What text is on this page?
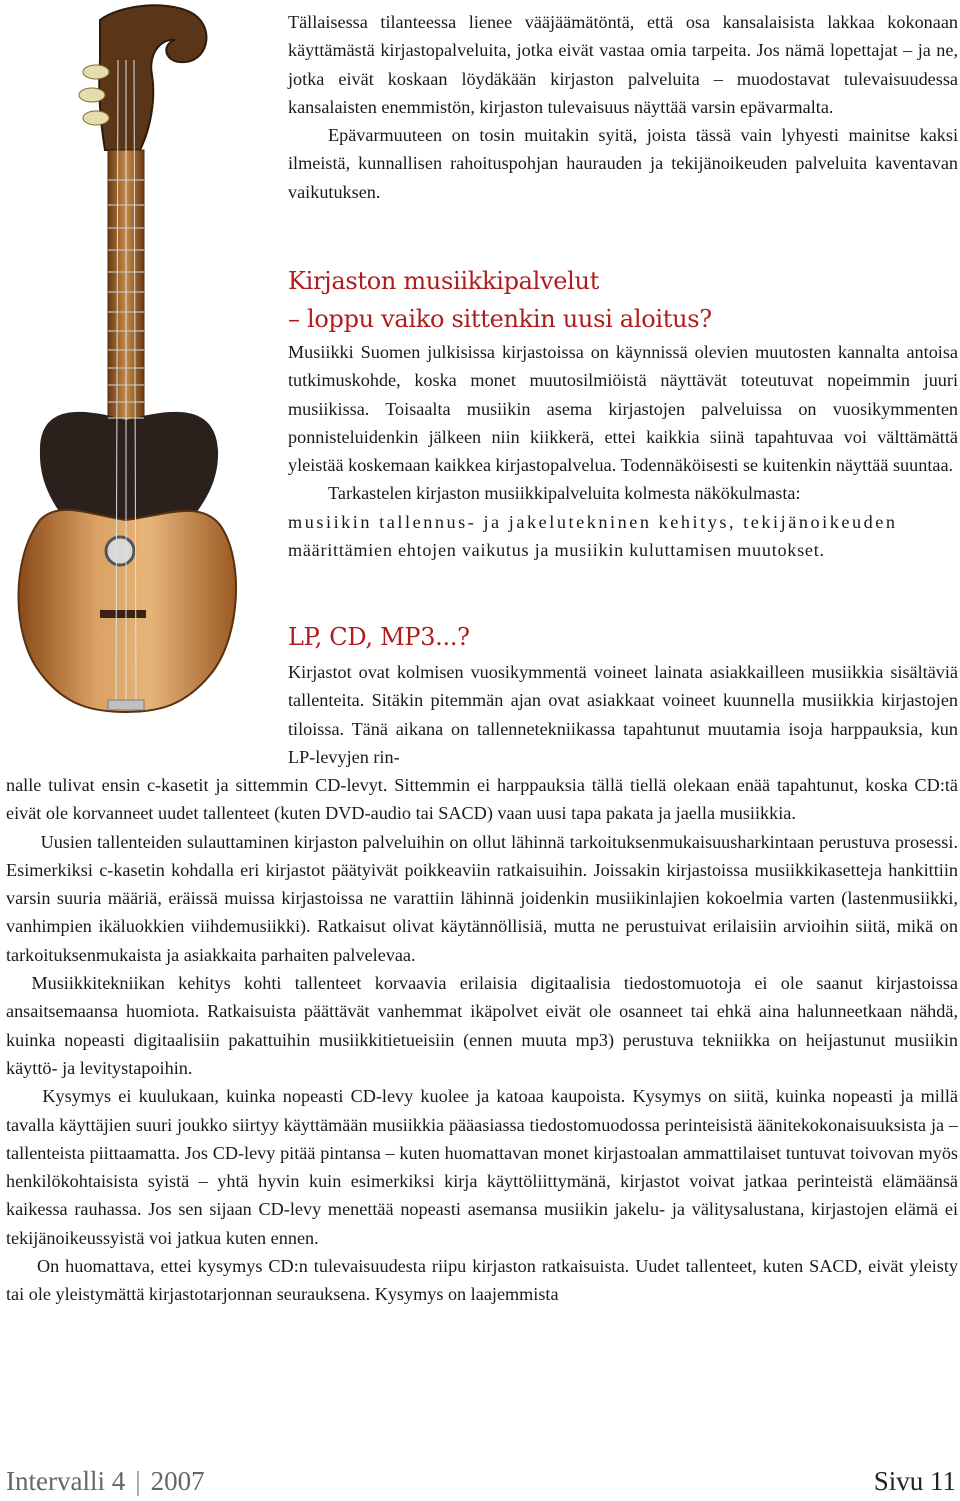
Tällaisessa tilanteessa lienee vääjäämätöntä, että osa kansalaisista lakkaa kokonaan käyttämästä kirjastopalveluita, jotka eivät vastaa omia tarpeita. Jos nämä lopettajat – ja ne, jotka eivät koskaan löydäkään kirjaston palveluita – muodostavat tulevaisuudessa kansalaisten enemmistön, kirjaston tulevaisuus näyttää varsin epävarmalta.

Epävarmuuteen on tosin muitakin syitä, joista tässä vain lyhyesti mainitse kaksi ilmeistä, kunnallisen rahoituspohjan haurauden ja tekijänoikeuden palveluita kaventavan vaikutuksen.

Kirjaston musiikkipalvelut
– loppu vaiko sittenkin uusi aloitus?

Musiikki Suomen julkisissa kirjastoissa on käynnissä olevien muutosten kannalta antoisa tutkimuskohde, koska monet muutosilmiöistä näyttävät toteutuvat nopeimmin juuri musiikissa. Toisaalta musiikin asema kirjastojen palveluissa on vuosikymmenten ponnisteluidenkin jälkeen niin kiikkerä, ettei kaikkia siinä tapahtuvaa voi välttämättä yleistää koskemaan kaikkea kirjastopalvelua. Todennäköisesti se kuitenkin näyttää suuntaa.

Tarkastelen kirjaston musiikkipalveluita kolmesta näkökulmasta:
musiikin tallennus- ja jakelutekninen kehitys, tekijänoikeuden
määrittämien ehtojen vaikutus ja musiikin kuluttamisen muutokset.

LP, CD, MP3...?

Kirjastot ovat kolmisen vuosikymmentä voineet lainata asiakkailleen musiikkia sisältäviä tallenteita. Sitäkin pitemmän ajan ovat asiakkaat voineet kuunnella musiikkia kirjastojen tiloissa. Tänä aikana on tallennetekniikassa tapahtunut muutamia isoja harppauksia, kun LP-levyjen rin-

nalle tulivat ensin c-kasetit ja sittemmin CD-levyt. Sittemmin ei harppauksia tällä tiellä olekaan enää tapahtunut, koska CD:tä eivät ole korvanneet uudet tallenteet (kuten DVD-audio tai SACD) vaan uusi tapa pakata ja jaella musiikkia.

Uusien tallenteiden sulauttaminen kirjaston palveluihin on ollut lähinnä tarkoituksenmukaisuusharkintaan perustuva prosessi. Esimerkiksi c-kasetin kohdalla eri kirjastot päätyivät poikkeaviin ratkaisuihin. Joissakin kirjastoissa musiikkikasetteja hankittiin varsin suuria määriä, eräissä muissa kirjastoissa ne varattiin lähinnä joidenkin musiikinlajien kokoelmia varten (lastenmusiikki, vanhimpien ikäluokkien viihdemusiikki). Ratkaisut olivat käytännöllisiä, mutta ne perustuivat erilaisiin arvioihin siitä, mikä on tarkoituksenmukaista ja asiakkaita parhaiten palvelevaa.

Musiikkitekniikan kehitys kohti tallenteet korvaavia erilaisia digitaalisia tiedostomuotoja ei ole saanut kirjastoissa ansaitsemaansa huomiota. Ratkaisuista päättävät vanhemmat ikäpolvet eivät ole osanneet tai ehkä aina halunneetkaan nähdä, kuinka nopeasti digitaalisiin pakattuihin musiikkitietueisiin (ennen muuta mp3) perustuva tekniikka on heijastunut musiikin käyttö- ja levitystapoihin.

Kysymys ei kuulukaan, kuinka nopeasti CD-levy kuolee ja katoaa kaupoista. Kysymys on siitä, kuinka nopeasti ja millä tavalla käyttäjien suuri joukko siirtyy käyttämään musiikkia pääasiassa tiedostomuodossa perinteisistä äänitekokonaisuuksista ja –tallenteista piittaamatta. Jos CD-levy pitää pintansa – kuten huomattavan monet kirjastoalan ammattilaiset tuntuvat toivovan myös henkilökohtaisista syistä – yhtä hyvin kuin esimerkiksi kirja käyttöliittymänä, kirjastot voivat jatkaa perinteistä elämäänsä kaikessa rauhassa. Jos sen sijaan CD-levy menettää nopeasti asemansa musiikin jakelu- ja välitysalustana, kirjastojen elämä ei tekijänoikeussyistä voi jatkua kuten ennen.

On huomattava, ettei kysymys CD:n tulevaisuudesta riipu kirjaston ratkaisuista. Uudet tallenteet, kuten SACD, eivät yleisty tai ole yleistymättä kirjastotarjonnan seurauksena. Kysymys on laajemmista

Intervalli 4 | 2007	Sivu 11
